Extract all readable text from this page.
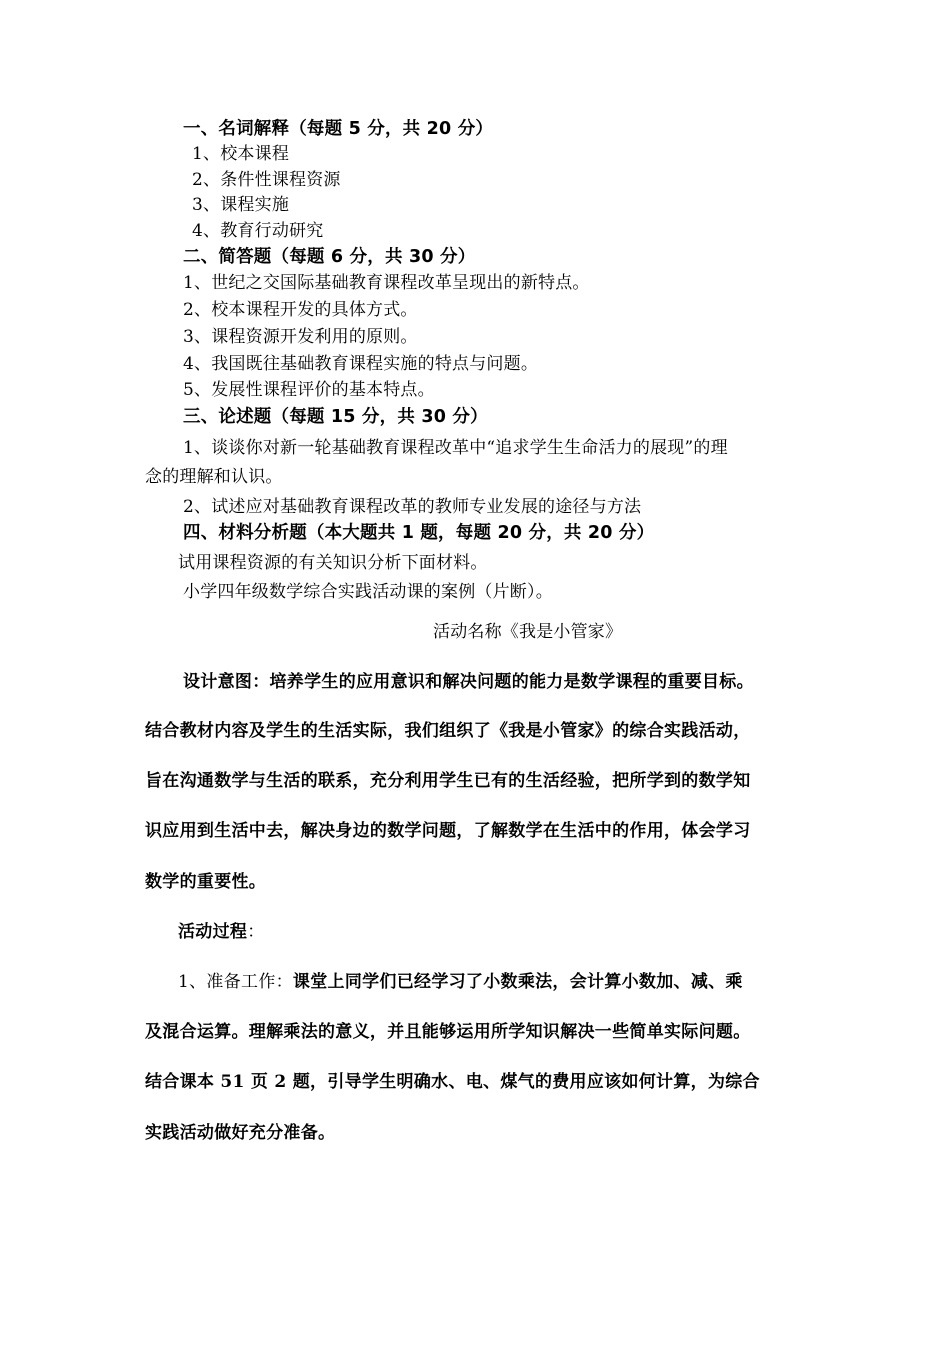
一、名词解释（每题 5 分，共 20 分）
1、校本课程
2、条件性课程资源
3、课程实施
4、教育行动研究
二、简答题（每题 6 分，共 30 分）
1、世纪之交国际基础教育课程改革呈现出的新特点。
2、校本课程开发的具体方式。
3、课程资源开发利用的原则。
4、我国既往基础教育课程实施的特点与问题。
5、发展性课程评价的基本特点。
三、论述题（每题 15 分，共 30 分）
1、谈谈你对新一轮基础教育课程改革中“追求学生生命活力的展现”的理
念的理解和认识。
2、试述应对基础教育课程改革的教师专业发展的途径与方法
四、材料分析题（本大题共 1 题，每题 20 分，共 20 分）
试用课程资源的有关知识分析下面材料。
小学四年级数学综合实践活动课的案例（片断）。
活动名称《我是小管家》
设计意图：培养学生的应用意识和解决问题的能力是数学课程的重要目标。
结合教材内容及学生的生活实际，我们组织了《我是小管家》的综合实践活动，
旨在沟通数学与生活的联系，充分利用学生已有的生活经验，把所学到的数学知
识应用到生活中去，解决身边的数学问题，了解数学在生活中的作用，体会学习
数学的重要性。
活动过程：
1、准备工作：课堂上同学们已经学习了小数乘法，会计算小数加、减、乘
及混合运算。理解乘法的意义，并且能够运用所学知识解决一些简单实际问题。
结合课本 51 页 2 题，引导学生明确水、电、煤气的费用应该如何计算，为综合
实践活动做好充分准备。
